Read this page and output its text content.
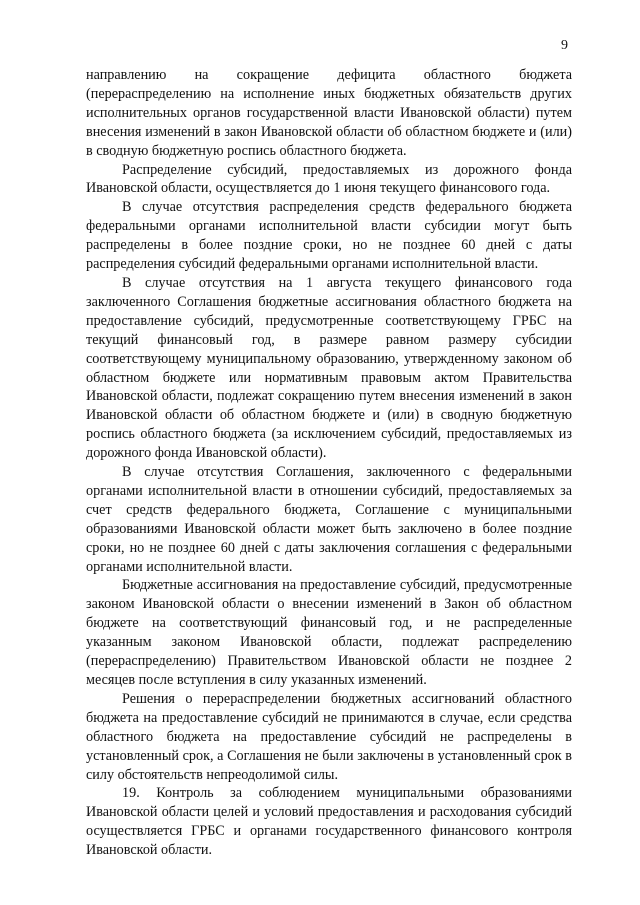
9

направлению на сокращение дефицита областного бюджета (перераспределению на исполнение иных бюджетных обязательств других исполнительных органов государственной власти Ивановской области) путем внесения изменений в закон Ивановской области об областном бюджете и (или) в сводную бюджетную роспись областного бюджета.

Распределение субсидий, предоставляемых из дорожного фонда Ивановской области, осуществляется до 1 июня текущего финансового года.

В случае отсутствия распределения средств федерального бюджета федеральными органами исполнительной власти субсидии могут быть распределены в более поздние сроки, но не позднее 60 дней с даты распределения субсидий федеральными органами исполнительной власти.

В случае отсутствия на 1 августа текущего финансового года заключенного Соглашения бюджетные ассигнования областного бюджета на предоставление субсидий, предусмотренные соответствующему ГРБС на текущий финансовый год, в размере равном размеру субсидии соответствующему муниципальному образованию, утвержденному законом об областном бюджете или нормативным правовым актом Правительства Ивановской области, подлежат сокращению путем внесения изменений в закон Ивановской области об областном бюджете и (или) в сводную бюджетную роспись областного бюджета (за исключением субсидий, предоставляемых из дорожного фонда Ивановской области).

В случае отсутствия Соглашения, заключенного с федеральными органами исполнительной власти в отношении субсидий, предоставляемых за счет средств федерального бюджета, Соглашение с муниципальными образованиями Ивановской области может быть заключено в более поздние сроки, но не позднее 60 дней с даты заключения соглашения с федеральными органами исполнительной власти.

Бюджетные ассигнования на предоставление субсидий, предусмотренные законом Ивановской области о внесении изменений в Закон об областном бюджете на соответствующий финансовый год, и не распределенные указанным законом Ивановской области, подлежат распределению (перераспределению) Правительством Ивановской области не позднее 2 месяцев после вступления в силу указанных изменений.

Решения о перераспределении бюджетных ассигнований областного бюджета на предоставление субсидий не принимаются в случае, если средства областного бюджета на предоставление субсидий не распределены в установленный срок, а Соглашения не были заключены в установленный срок в силу обстоятельств непреодолимой силы.

19. Контроль за соблюдением муниципальными образованиями Ивановской области целей и условий предоставления и расходования субсидий осуществляется ГРБС и органами государственного финансового контроля Ивановской области.
